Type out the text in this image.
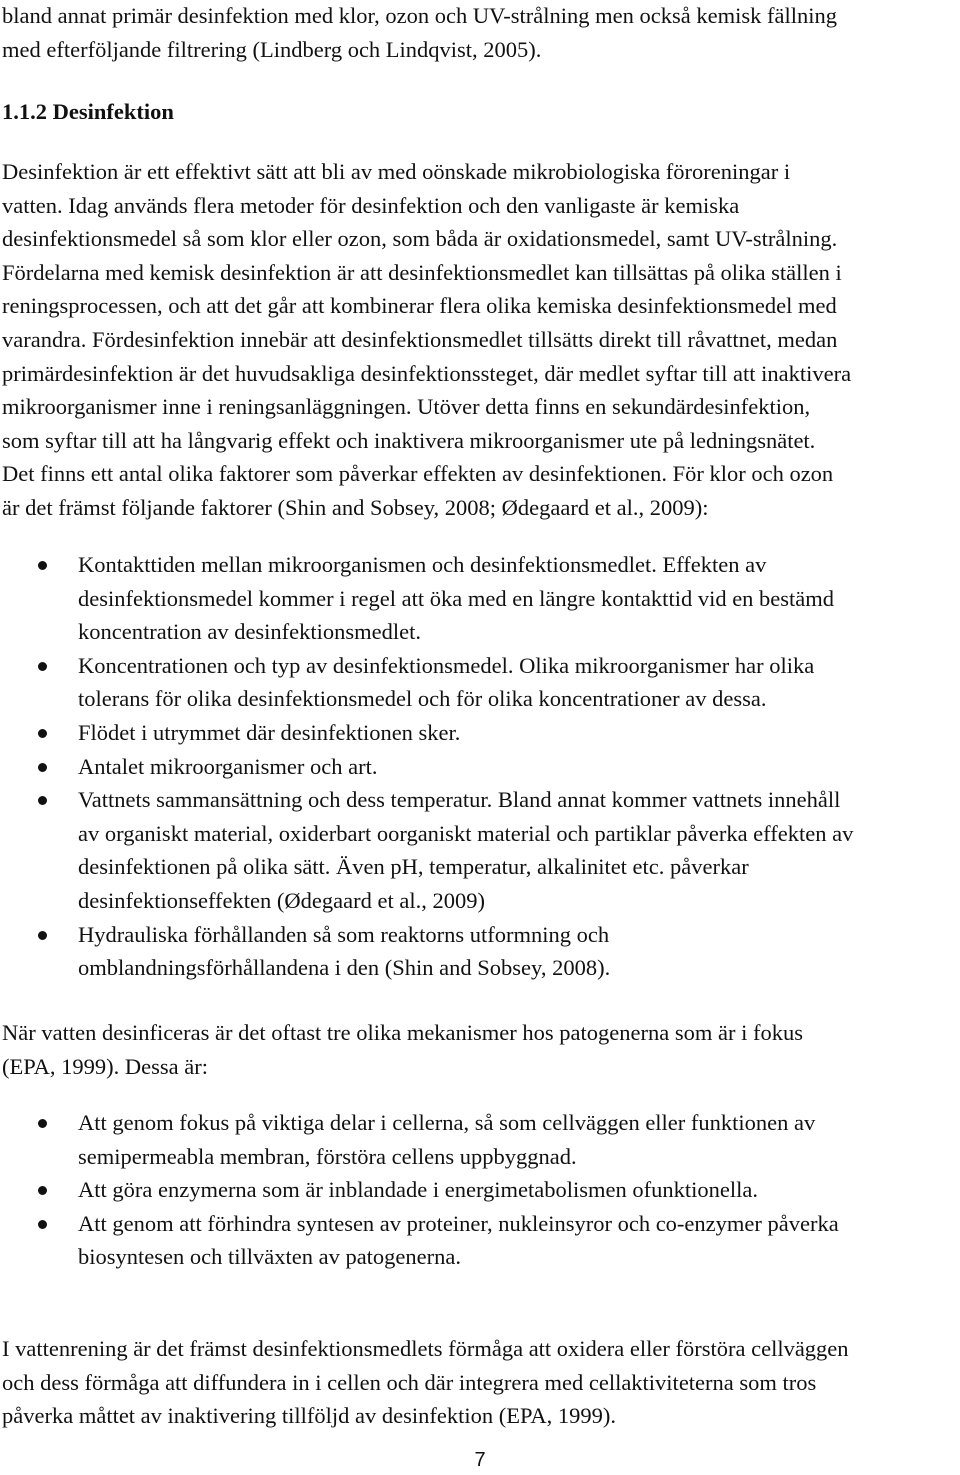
bland annat primär desinfektion med klor, ozon och UV-strålning men också kemisk fällning
med efterföljande filtrering (Lindberg och Lindqvist, 2005).

1.1.2 Desinfektion

Desinfektion är ett effektivt sätt att bli av med oönskade mikrobiologiska föroreningar i
vatten. Idag används flera metoder för desinfektion och den vanligaste är kemiska
desinfektionsmedel så som klor eller ozon, som båda är oxidationsmedel, samt UV-strålning.
Fördelarna med kemisk desinfektion är att desinfektionsmedlet kan tillsättas på olika ställen i
reningsprocessen, och att det går att kombinerar flera olika kemiska desinfektionsmedel med
varandra. Fördesinfektion innebär att desinfektionsmedlet tillsätts direkt till råvattnet, medan
primärdesinfektion är det huvudsakliga desinfektionssteget, där medlet syftar till att inaktivera
mikroorganismer inne i reningsanläggningen. Utöver detta finns en sekundärdesinfektion,
som syftar till att ha långvarig effekt och inaktivera mikroorganismer ute på ledningsnätet.
Det finns ett antal olika faktorer som påverkar effekten av desinfektionen. För klor och ozon
är det främst följande faktorer (Shin and Sobsey, 2008; Ødegaard et al., 2009):

Kontakttiden mellan mikroorganismen och desinfektionsmedlet. Effekten av
desinfektionsmedel kommer i regel att öka med en längre kontakttid vid en bestämd
koncentration av desinfektionsmedlet.
Koncentrationen och typ av desinfektionsmedel. Olika mikroorganismer har olika
tolerans för olika desinfektionsmedel och för olika koncentrationer av dessa.
Flödet i utrymmet där desinfektionen sker.
Antalet mikroorganismer och art.
Vattnets sammansättning och dess temperatur. Bland annat kommer vattnets innehåll
av organiskt material, oxiderbart oorganiskt material och partiklar påverka effekten av
desinfektionen på olika sätt. Även pH, temperatur, alkalinitet etc. påverkar
desinfektionseffekten (Ødegaard et al., 2009)
Hydrauliska förhållanden så som reaktorns utformning och
omblandningsförhållandena i den (Shin and Sobsey, 2008).

När vatten desinficeras är det oftast tre olika mekanismer hos patogenerna som är i fokus
(EPA, 1999). Dessa är:

Att genom fokus på viktiga delar i cellerna, så som cellväggen eller funktionen av
semipermeabla membran, förstöra cellens uppbyggnad.
Att göra enzymerna som är inblandade i energimetabolismen ofunktionella.
Att genom att förhindra syntesen av proteiner, nukleinsyror och co-enzymer påverka
biosyntesen och tillväxten av patogenerna.

I vattenrening är det främst desinfektionsmedlets förmåga att oxidera eller förstöra cellväggen
och dess förmåga att diffundera in i cellen och där integrera med cellaktiviteterna som tros
påverka måttet av inaktivering tillföljd av desinfektion (EPA, 1999).

7
